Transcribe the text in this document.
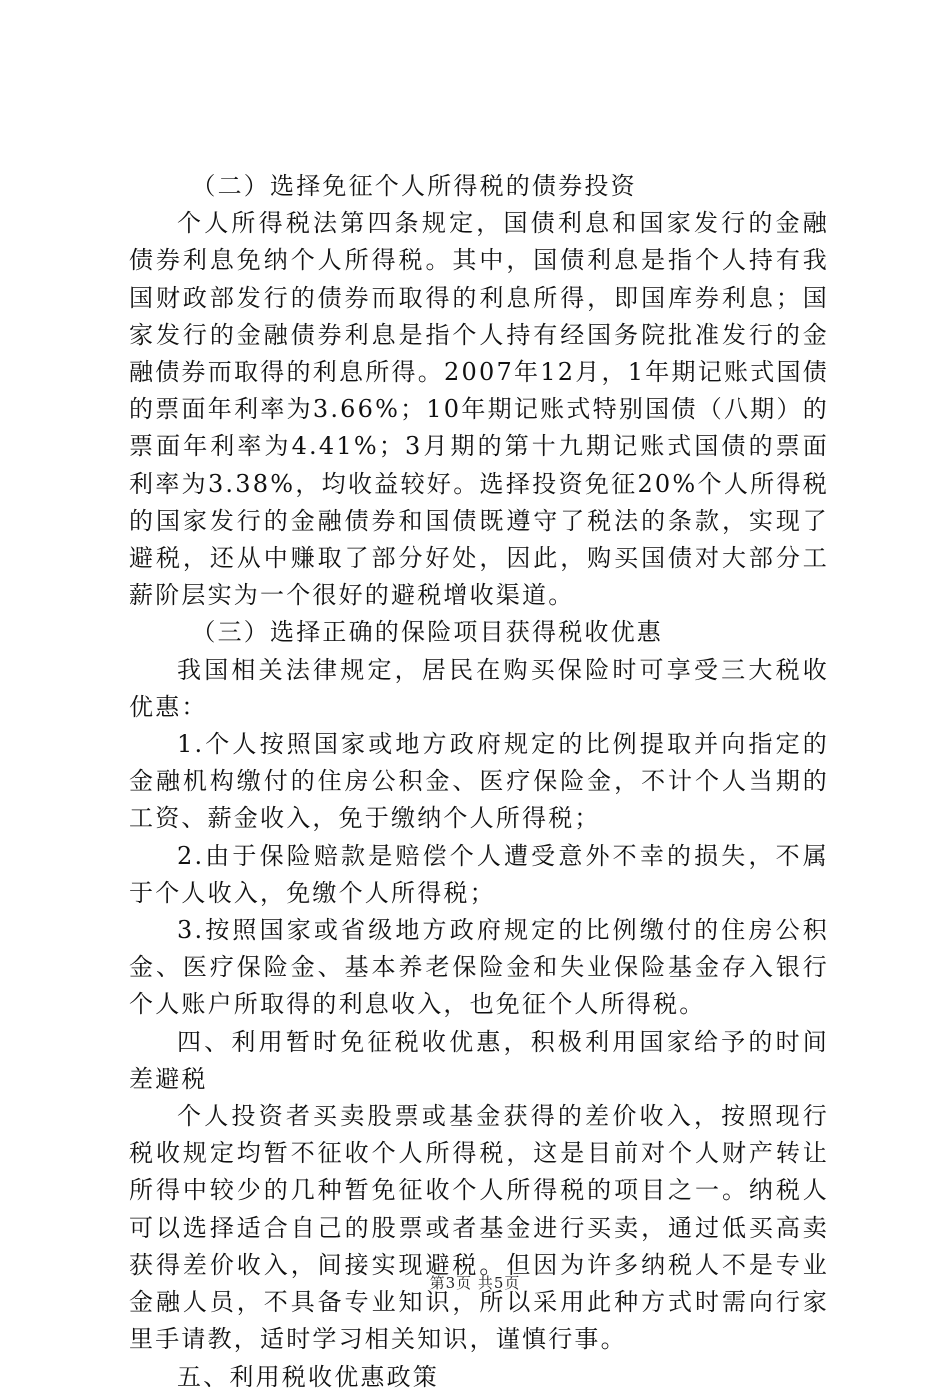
（二）选择免征个人所得税的债券投资

个人所得税法第四条规定，国债利息和国家发行的金融债券利息免纳个人所得税。其中，国债利息是指个人持有我国财政部发行的债券而取得的利息所得，即国库券利息；国家发行的金融债券利息是指个人持有经国务院批准发行的金融债券而取得的利息所得。2007年12月，1年期记账式国债的票面年利率为3.66%；10年期记账式特别国债（八期）的票面年利率为4.41%；3月期的第十九期记账式国债的票面利率为3.38%，均收益较好。选择投资免征20%个人所得税的国家发行的金融债券和国债既遵守了税法的条款，实现了避税，还从中赚取了部分好处，因此，购买国债对大部分工薪阶层实为一个很好的避税增收渠道。

（三）选择正确的保险项目获得税收优惠

我国相关法律规定，居民在购买保险时可享受三大税收优惠：

1.个人按照国家或地方政府规定的比例提取并向指定的金融机构缴付的住房公积金、医疗保险金，不计个人当期的工资、薪金收入，免于缴纳个人所得税；

2.由于保险赔款是赔偿个人遭受意外不幸的损失，不属于个人收入，免缴个人所得税；

3.按照国家或省级地方政府规定的比例缴付的住房公积金、医疗保险金、基本养老保险金和失业保险基金存入银行个人账户所取得的利息收入，也免征个人所得税。

四、利用暂时免征税收优惠，积极利用国家给予的时间差避税

个人投资者买卖股票或基金获得的差价收入，按照现行税收规定均暂不征收个人所得税，这是目前对个人财产转让所得中较少的几种暂免征收个人所得税的项目之一。纳税人可以选择适合自己的股票或者基金进行买卖，通过低买高卖获得差价收入，间接实现避税。但因为许多纳税人不是专业金融人员，不具备专业知识，所以采用此种方式时需向行家里手请教，适时学习相关知识，谨慎行事。

五、利用税收优惠政策

第3页 共5页
